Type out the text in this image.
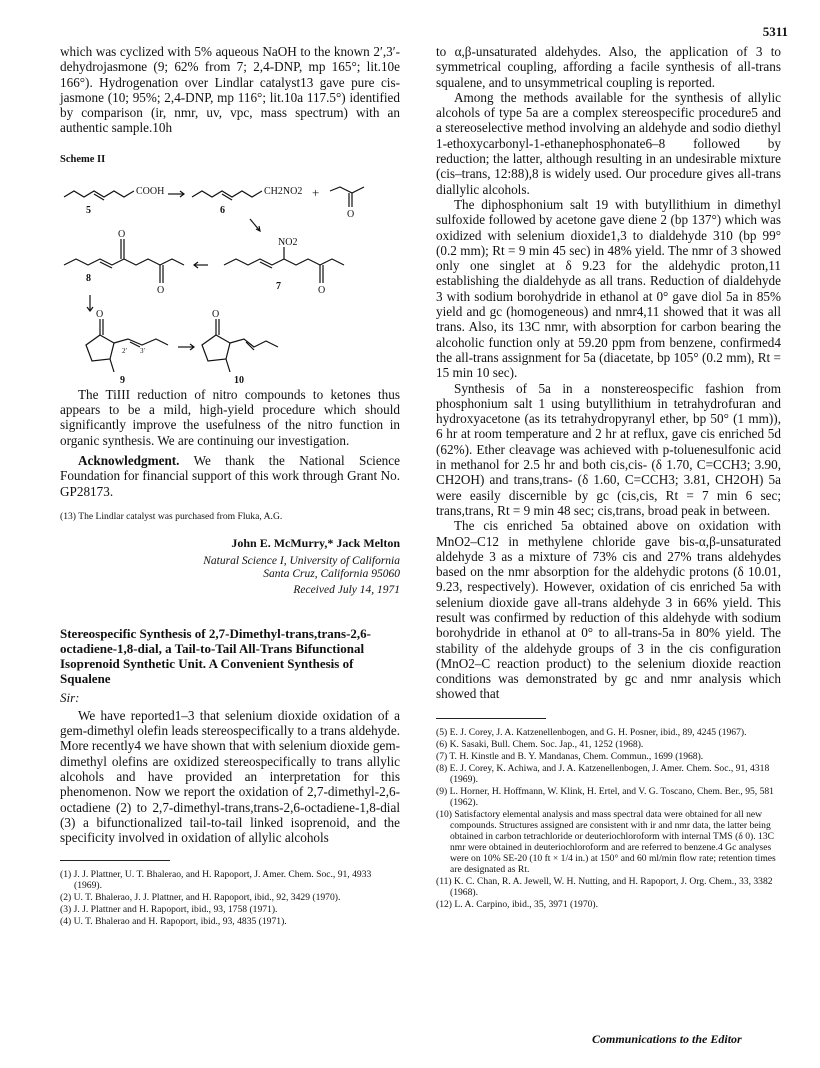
5311

which was cyclized with 5% aqueous NaOH to the known 2′,3′-dehydrojasmone (9; 62% from 7; 2,4-DNP, mp 165°; lit.10e 166°). Hydrogenation over Lindlar catalyst13 gave pure cis-jasmone (10; 95%; 2,4-DNP, mp 116°; lit.10a 117.5°) identified by comparison (ir, nmr, uv, vpc, mass spectrum) with an authentic sample.10h

Scheme II
COOH	CH2NO2 +
O
NO2
O
O	O
O	O
2′ 3′
5	6
8
7
9	10

The TiIII reduction of nitro compounds to ketones thus appears to be a mild, high-yield procedure which should significantly improve the usefulness of the nitro function in organic synthesis. We are continuing our investigation.

Acknowledgment. We thank the National Science Foundation for financial support of this work through Grant No. GP28173.

(13) The Lindlar catalyst was purchased from Fluka, A.G.

John E. McMurry,* Jack Melton

Natural Science I, University of California

Santa Cruz, California 95060

Received July 14, 1971

Stereospecific Synthesis of 2,7-Dimethyl-trans,trans-2,6-octadiene-1,8-dial, a Tail-to-Tail All-Trans Bifunctional Isoprenoid Synthetic Unit. A Convenient Synthesis of Squalene
Sir:

We have reported1–3 that selenium dioxide oxidation of a gem-dimethyl olefin leads stereospecifically to a trans aldehyde. More recently4 we have shown that with selenium dioxide gem-dimethyl olefins are oxidized stereospecifically to trans allylic alcohols and have provided an interpretation for this phenomenon. Now we report the oxidation of 2,7-dimethyl-2,6-octadiene (2) to 2,7-dimethyl-trans,trans-2,6-octadiene-1,8-dial (3) a bifunctionalized tail-to-tail linked isoprenoid, and the specificity involved in oxidation of allylic alcohols

(1) J. J. Plattner, U. T. Bhalerao, and H. Rapoport, J. Amer. Chem. Soc., 91, 4933 (1969).

(2) U. T. Bhalerao, J. J. Plattner, and H. Rapoport, ibid., 92, 3429 (1970).

(3) J. J. Plattner and H. Rapoport, ibid., 93, 1758 (1971).

(4) U. T. Bhalerao and H. Rapoport, ibid., 93, 4835 (1971).

to α,β-unsaturated aldehydes. Also, the application of 3 to symmetrical coupling, affording a facile synthesis of all-trans squalene, and to unsymmetrical coupling is reported.

Among the methods available for the synthesis of allylic alcohols of type 5a are a complex stereospecific procedure5 and a stereoselective method involving an aldehyde and sodio diethyl 1-ethoxycarbonyl-1-ethanephosphonate6–8 followed by reduction; the latter, although resulting in an undesirable mixture (cis–trans, 12:88),8 is widely used. Our procedure gives all-trans diallylic alcohols.

The diphosphonium salt 19 with butyllithium in dimethyl sulfoxide followed by acetone gave diene 2 (bp 137°) which was oxidized with selenium dioxide1,3 to dialdehyde 310 (bp 99° (0.2 mm); Rt = 9 min 45 sec) in 48% yield. The nmr of 3 showed only one singlet at δ 9.23 for the aldehydic proton,11 establishing the dialdehyde as all trans. Reduction of dialdehyde 3 with sodium borohydride in ethanol at 0° gave diol 5a in 85% yield and gc (homogeneous) and nmr4,11 showed that it was all trans. Also, its 13C nmr, with absorption for carbon bearing the alcoholic function only at 59.20 ppm from benzene, confirmed4 the all-trans assignment for 5a (diacetate, bp 105° (0.2 mm), Rt = 15 min 10 sec).

Synthesis of 5a in a nonstereospecific fashion from phosphonium salt 1 using butyllithium in tetrahydrofuran and hydroxyacetone (as its tetrahydropyranyl ether, bp 50° (1 mm)), 6 hr at room temperature and 2 hr at reflux, gave cis enriched 5d (62%). Ether cleavage was achieved with p-toluenesulfonic acid in methanol for 2.5 hr and both cis,cis- (δ 1.70, C=CCH3; 3.90, CH2OH) and trans,trans- (δ 1.60, C=CCH3; 3.81, CH2OH) 5a were easily discernible by gc (cis,cis, Rt = 7 min 6 sec; trans,trans, Rt = 9 min 48 sec; cis,trans, broad peak in between.

The cis enriched 5a obtained above on oxidation with MnO2–C12 in methylene chloride gave bis-α,β-unsaturated aldehyde 3 as a mixture of 73% cis and 27% trans aldehydes based on the nmr absorption for the aldehydic protons (δ 10.01, 9.23, respectively). However, oxidation of cis enriched 5a with selenium dioxide gave all-trans aldehyde 3 in 66% yield. This result was confirmed by reduction of this aldehyde with sodium borohydride in ethanol at 0° to all-trans-5a in 80% yield. The stability of the aldehyde groups of 3 in the cis configuration (MnO2–C reaction product) to the selenium dioxide reaction conditions was demonstrated by gc and nmr analysis which showed that

(5) E. J. Corey, J. A. Katzenellenbogen, and G. H. Posner, ibid., 89, 4245 (1967).

(6) K. Sasaki, Bull. Chem. Soc. Jap., 41, 1252 (1968).

(7) T. H. Kinstle and B. Y. Mandanas, Chem. Commun., 1699 (1968).

(8) E. J. Corey, K. Achiwa, and J. A. Katzenellenbogen, J. Amer. Chem. Soc., 91, 4318 (1969).

(9) L. Horner, H. Hoffmann, W. Klink, H. Ertel, and V. G. Toscano, Chem. Ber., 95, 581 (1962).

(10) Satisfactory elemental analysis and mass spectral data were obtained for all new compounds. Structures assigned are consistent with ir and nmr data, the latter being obtained in carbon tetrachloride or deuteriochloroform with internal TMS (δ 0). 13C nmr were obtained in deuteriochloroform and are referred to benzene.4 Gc analyses were on 10% SE-20 (10 ft × 1/4 in.) at 150° and 60 ml/min flow rate; retention times are designated as Rt.

(11) K. C. Chan, R. A. Jewell, W. H. Nutting, and H. Rapoport, J. Org. Chem., 33, 3382 (1968).

(12) L. A. Carpino, ibid., 35, 3971 (1970).

Communications to the Editor
